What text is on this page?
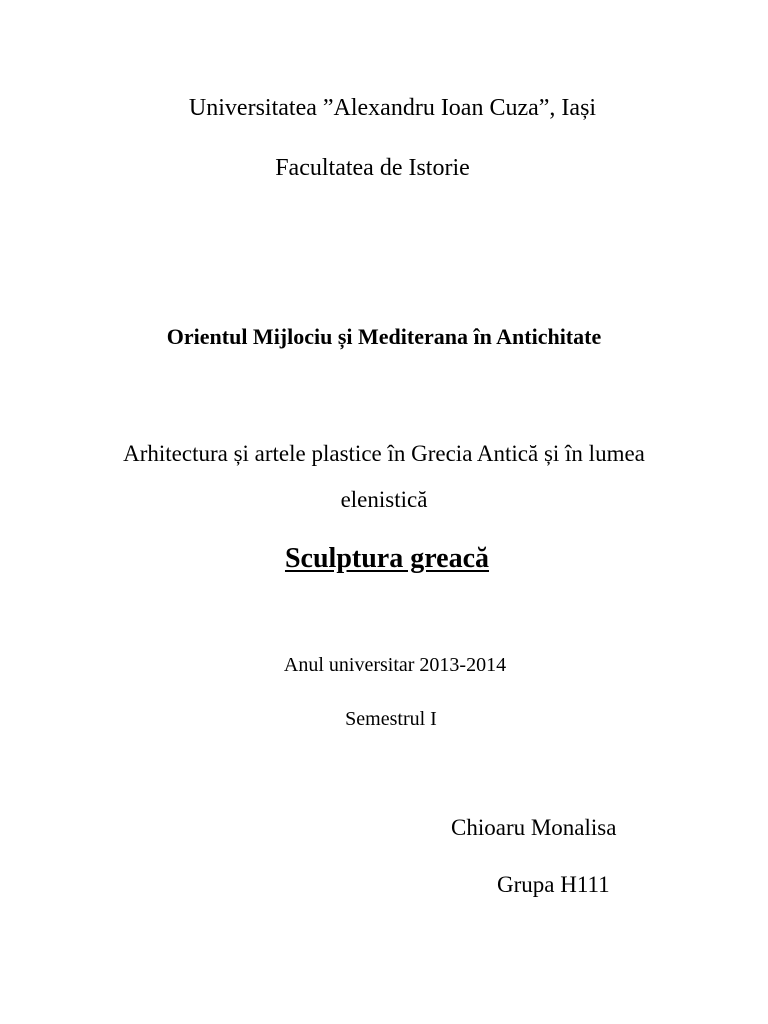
Universitatea ”Alexandru Ioan Cuza”, Iași
Facultatea de Istorie
Orientul Mijlociu și Mediterana în Antichitate
Arhitectura și artele plastice în Grecia Antică și în lumea
elenistică
Sculptura greacă
Anul universitar 2013-2014
Semestrul I
Chioaru Monalisa
Grupa H111
